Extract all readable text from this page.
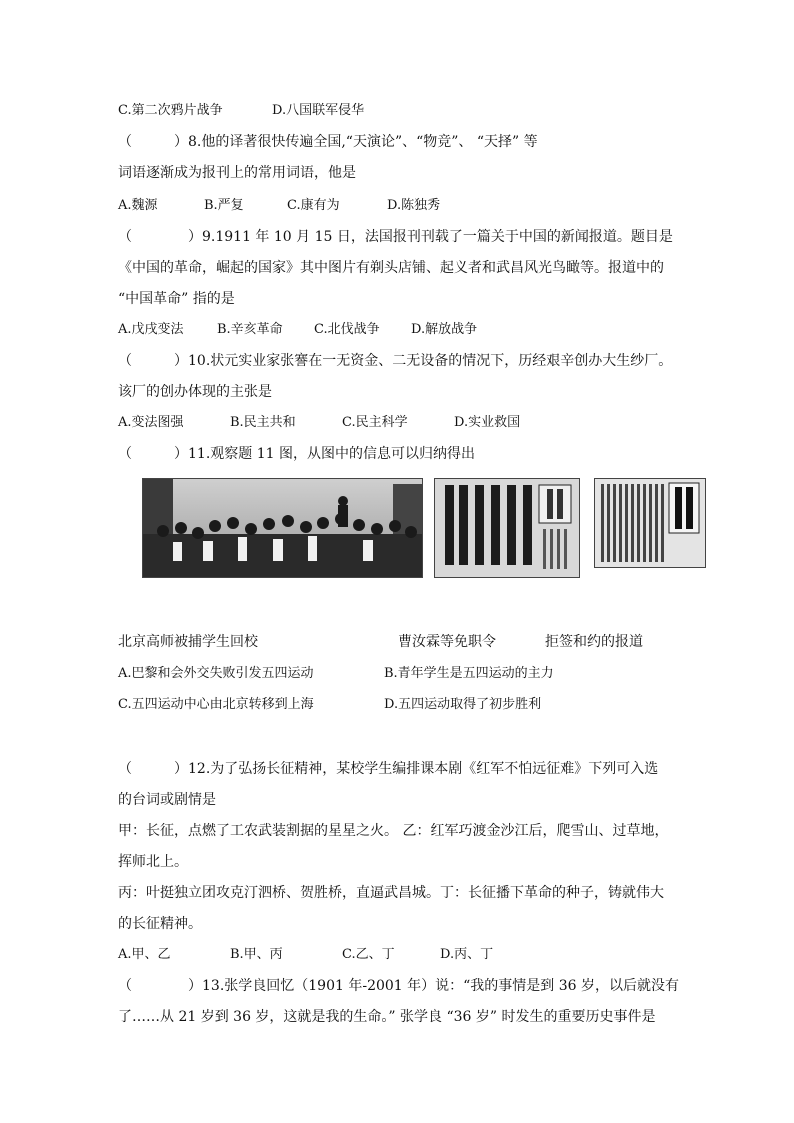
C.第二次鸦片战争	D.八国联军侵华
（　　　）8.他的译著很快传遍全国,“天演论”、“物竞”、 “天择” 等
词语逐渐成为报刊上的常用词语，他是
A.魏源	B.严复	C.康有为	D.陈独秀
（　　　　）9.1911 年 10 月 15 日，法国报刊刊载了一篇关于中国的新闻报道。题目是
《中国的革命，崛起的国家》其中图片有剃头店铺、起义者和武昌风光鸟瞰等。报道中的
“中国革命” 指的是
A.戊戌变法	B.辛亥革命 C.北伐战争 D.解放战争
（　　　）10.状元实业家张謇在一无资金、二无设备的情况下，历经艰辛创办大生纱厂。
该厂的创办体现的主张是
A.变法图强	B.民主共和	C.民主科学	D.实业救国
（　　　）11.观察题 11 图，从图中的信息可以归纳得出
北京高师被捕学生回校	曹汝霖等免职令	拒签和约的报道
A.巴黎和会外交失败引发五四运动	B.青年学生是五四运动的主力
C.五四运动中心由北京转移到上海	D.五四运动取得了初步胜利
（　　　）12.为了弘扬长征精神，某校学生编排课本剧《红军不怕远征难》下列可入选
的台词或剧情是
甲：长征，点燃了工农武装割据的星星之火。 乙：红军巧渡金沙江后，爬雪山、过草地，
挥师北上。
丙：叶挺独立团攻克汀泗桥、贺胜桥，直逼武昌城。丁：长征播下革命的种子，铸就伟大
的长征精神。
A.甲、乙	B.甲、丙	C.乙、丁	D.丙、丁
（　　　　）13.张学良回忆（1901 年-2001 年）说：“我的事情是到 36 岁，以后就没有
了……从 21 岁到 36 岁，这就是我的生命。” 张学良 “36 岁” 时发生的重要历史事件是
